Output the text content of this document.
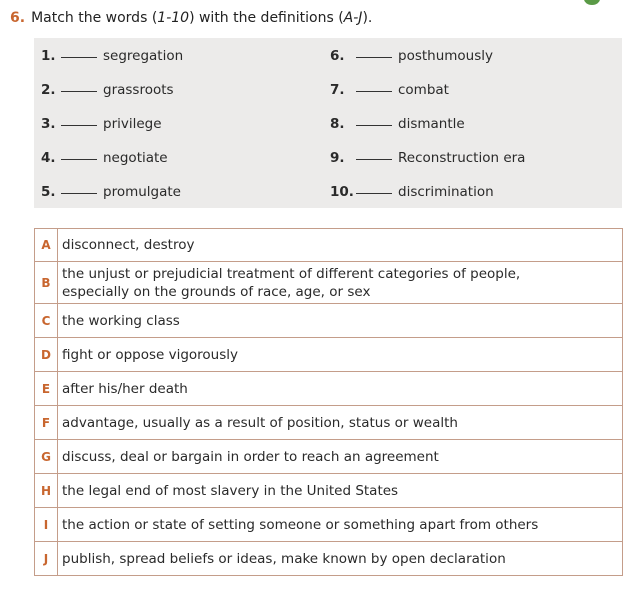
6. Match the words (1-10) with the definitions (A-J).
1.	segregation
2.	grassroots
3.	privilege
4.	negotiate
5.	promulgate
6.	posthumously
7.	combat
8.	dismantle
9.	Reconstruction era
10.	discrimination
A	disconnect, destroy
B	the unjust or prejudicial treatment of different categories of people,
especially on the grounds of race, age, or sex
C	the working class
D	fight or oppose vigorously
E	after his/her death
F	advantage, usually as a result of position, status or wealth
G	discuss, deal or bargain in order to reach an agreement
H	the legal end of most slavery in the United States
I	the action or state of setting someone or something apart from others
J	publish, spread beliefs or ideas, make known by open declaration
